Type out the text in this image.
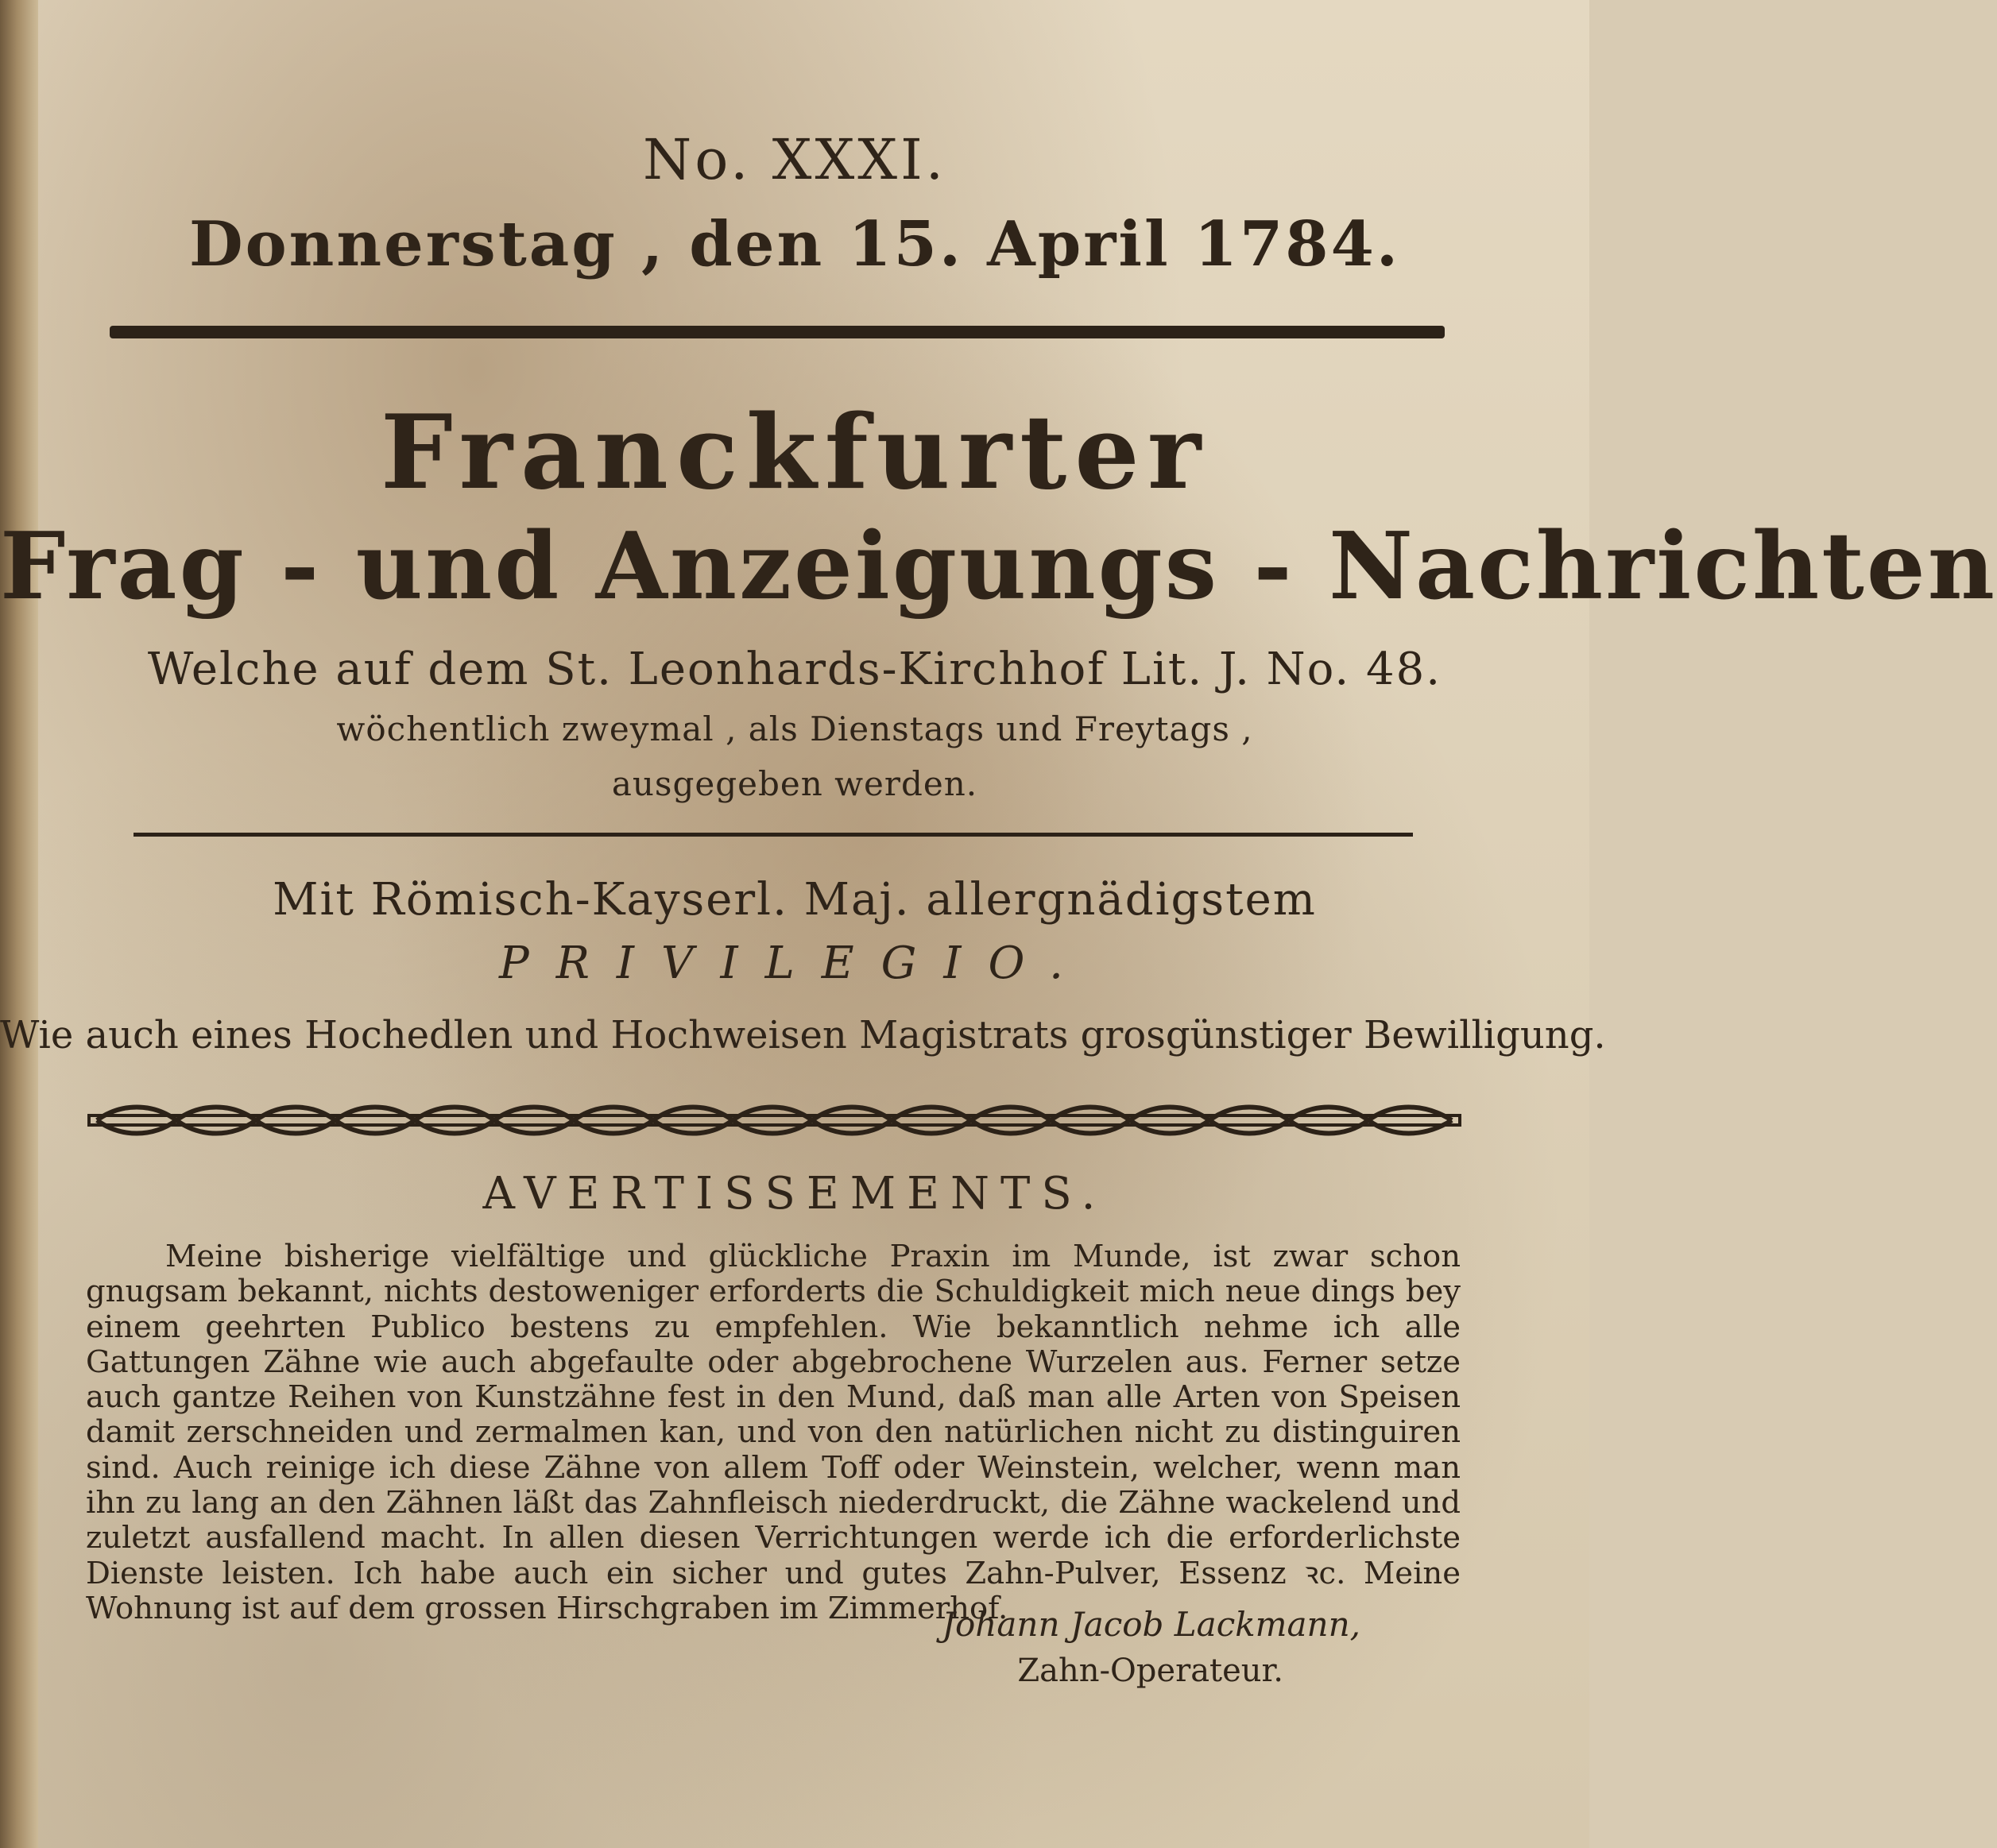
No. XXXI.
Donnerstag , den 15. April 1784.
Franckfurter
Frag - und Anzeigungs - Nachrichten
Welche auf dem St. Leonhards-Kirchhof Lit. J. No. 48.
wöchentlich zweymal , als Dienstags und Freytags ,
ausgegeben werden.
Mit Römisch-Kayserl. Maj. allergnädigstem
PRIVILEGIO.
Wie auch eines Hochedlen und Hochweisen Magistrats grosgünstiger Bewilligung.
AVERTISSEMENTS.

Meine bisherige vielfältige und glückliche Praxin im Munde, ist zwar schon gnugsam bekannt, nichts destoweniger erforderts die Schuldigkeit mich neue dings bey einem geehrten Publico bestens zu empfehlen. Wie bekanntlich nehme ich alle Gattungen Zähne wie auch abgefaulte oder abgebrochene Wurzelen aus. Ferner setze auch gantze Reihen von Kunstzähne fest in den Mund, daß man alle Arten von Speisen damit zerschneiden und zermalmen kan, und von den natürlichen nicht zu distinguiren sind. Auch reinige ich diese Zähne von allem Toff oder Weinstein, welcher, wenn man ihn zu lang an den Zähnen läßt das Zahnfleisch niederdruckt, die Zähne wackelend und zuletzt ausfallend macht. In allen diesen Verrichtungen werde ich die erforderlichste Dienste leisten. Ich habe auch ein sicher und gutes Zahn-Pulver, Essenz ꝛc. Meine Wohnung ist auf dem grossen Hirschgraben im Zimmerhof.

Johann Jacob Lackmann,
Zahn-Operateur.
